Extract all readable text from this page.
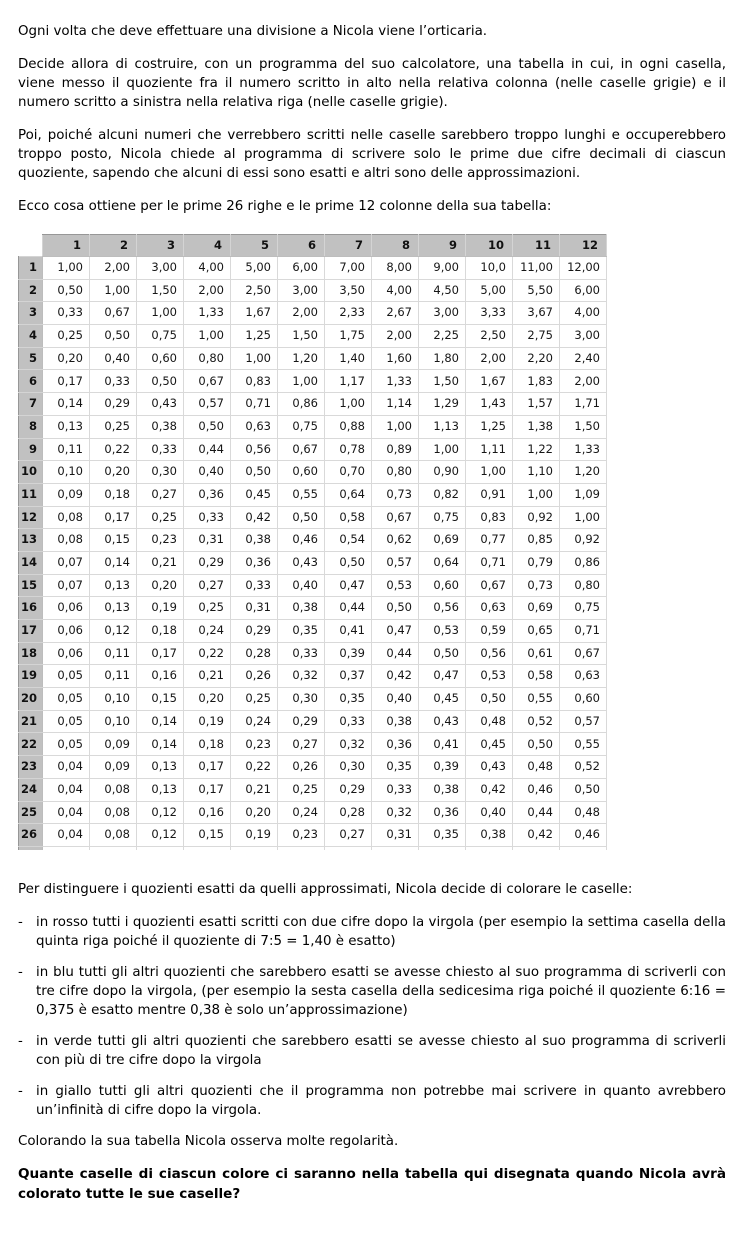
Ogni volta che deve effettuare una divisione a Nicola viene l’orticaria.

Decide allora di costruire, con un programma del suo calcolatore, una tabella in cui, in ogni casella, viene messo il quoziente fra il numero scritto in alto nella relativa colonna (nelle caselle grigie) e il numero scritto a sinistra nella relativa riga (nelle caselle grigie).

Poi, poiché alcuni numeri che verrebbero scritti nelle caselle sarebbero troppo lunghi e occuperebbero troppo posto, Nicola chiede al programma di scrivere solo le prime due cifre decimali di ciascun quoziente, sapendo che alcuni di essi sono esatti e altri sono delle approssimazioni.

Ecco cosa ottiene per le prime 26 righe e le prime 12 colonne della sua tabella:

	1	2	3	4	5	6	7	8	9	10	11	12
1	1,00	2,00	3,00	4,00	5,00	6,00	7,00	8,00	9,00	10,0	11,00	12,00
2	0,50	1,00	1,50	2,00	2,50	3,00	3,50	4,00	4,50	5,00	5,50	6,00
3	0,33	0,67	1,00	1,33	1,67	2,00	2,33	2,67	3,00	3,33	3,67	4,00
4	0,25	0,50	0,75	1,00	1,25	1,50	1,75	2,00	2,25	2,50	2,75	3,00
5	0,20	0,40	0,60	0,80	1,00	1,20	1,40	1,60	1,80	2,00	2,20	2,40
6	0,17	0,33	0,50	0,67	0,83	1,00	1,17	1,33	1,50	1,67	1,83	2,00
7	0,14	0,29	0,43	0,57	0,71	0,86	1,00	1,14	1,29	1,43	1,57	1,71
8	0,13	0,25	0,38	0,50	0,63	0,75	0,88	1,00	1,13	1,25	1,38	1,50
9	0,11	0,22	0,33	0,44	0,56	0,67	0,78	0,89	1,00	1,11	1,22	1,33
10	0,10	0,20	0,30	0,40	0,50	0,60	0,70	0,80	0,90	1,00	1,10	1,20
11	0,09	0,18	0,27	0,36	0,45	0,55	0,64	0,73	0,82	0,91	1,00	1,09
12	0,08	0,17	0,25	0,33	0,42	0,50	0,58	0,67	0,75	0,83	0,92	1,00
13	0,08	0,15	0,23	0,31	0,38	0,46	0,54	0,62	0,69	0,77	0,85	0,92
14	0,07	0,14	0,21	0,29	0,36	0,43	0,50	0,57	0,64	0,71	0,79	0,86
15	0,07	0,13	0,20	0,27	0,33	0,40	0,47	0,53	0,60	0,67	0,73	0,80
16	0,06	0,13	0,19	0,25	0,31	0,38	0,44	0,50	0,56	0,63	0,69	0,75
17	0,06	0,12	0,18	0,24	0,29	0,35	0,41	0,47	0,53	0,59	0,65	0,71
18	0,06	0,11	0,17	0,22	0,28	0,33	0,39	0,44	0,50	0,56	0,61	0,67
19	0,05	0,11	0,16	0,21	0,26	0,32	0,37	0,42	0,47	0,53	0,58	0,63
20	0,05	0,10	0,15	0,20	0,25	0,30	0,35	0,40	0,45	0,50	0,55	0,60
21	0,05	0,10	0,14	0,19	0,24	0,29	0,33	0,38	0,43	0,48	0,52	0,57
22	0,05	0,09	0,14	0,18	0,23	0,27	0,32	0,36	0,41	0,45	0,50	0,55
23	0,04	0,09	0,13	0,17	0,22	0,26	0,30	0,35	0,39	0,43	0,48	0,52
24	0,04	0,08	0,13	0,17	0,21	0,25	0,29	0,33	0,38	0,42	0,46	0,50
25	0,04	0,08	0,12	0,16	0,20	0,24	0,28	0,32	0,36	0,40	0,44	0,48
26	0,04	0,08	0,12	0,15	0,19	0,23	0,27	0,31	0,35	0,38	0,42	0,46

Per distinguere i quozienti esatti da quelli approssimati, Nicola decide di colorare le caselle:

- in rosso tutti i quozienti esatti scritti con due cifre dopo la virgola (per esempio la settima casella della quinta riga poiché il quoziente di 7:5 = 1,40 è esatto)
- in blu tutti gli altri quozienti che sarebbero esatti se avesse chiesto al suo programma di scriverli con tre cifre dopo la virgola, (per esempio la sesta casella della sedicesima riga poiché il quoziente 6:16 = 0,375 è esatto mentre 0,38 è solo un’approssimazione)
- in verde tutti gli altri quozienti che sarebbero esatti se avesse chiesto al suo programma di scriverli con più di tre cifre dopo la virgola
- in giallo tutti gli altri quozienti che il programma non potrebbe mai scrivere in quanto avrebbero un’infinità di cifre dopo la virgola.

Colorando la sua tabella Nicola osserva molte regolarità.

Quante caselle di ciascun colore ci saranno nella tabella qui disegnata quando Nicola avrà colorato tutte le sue caselle?
